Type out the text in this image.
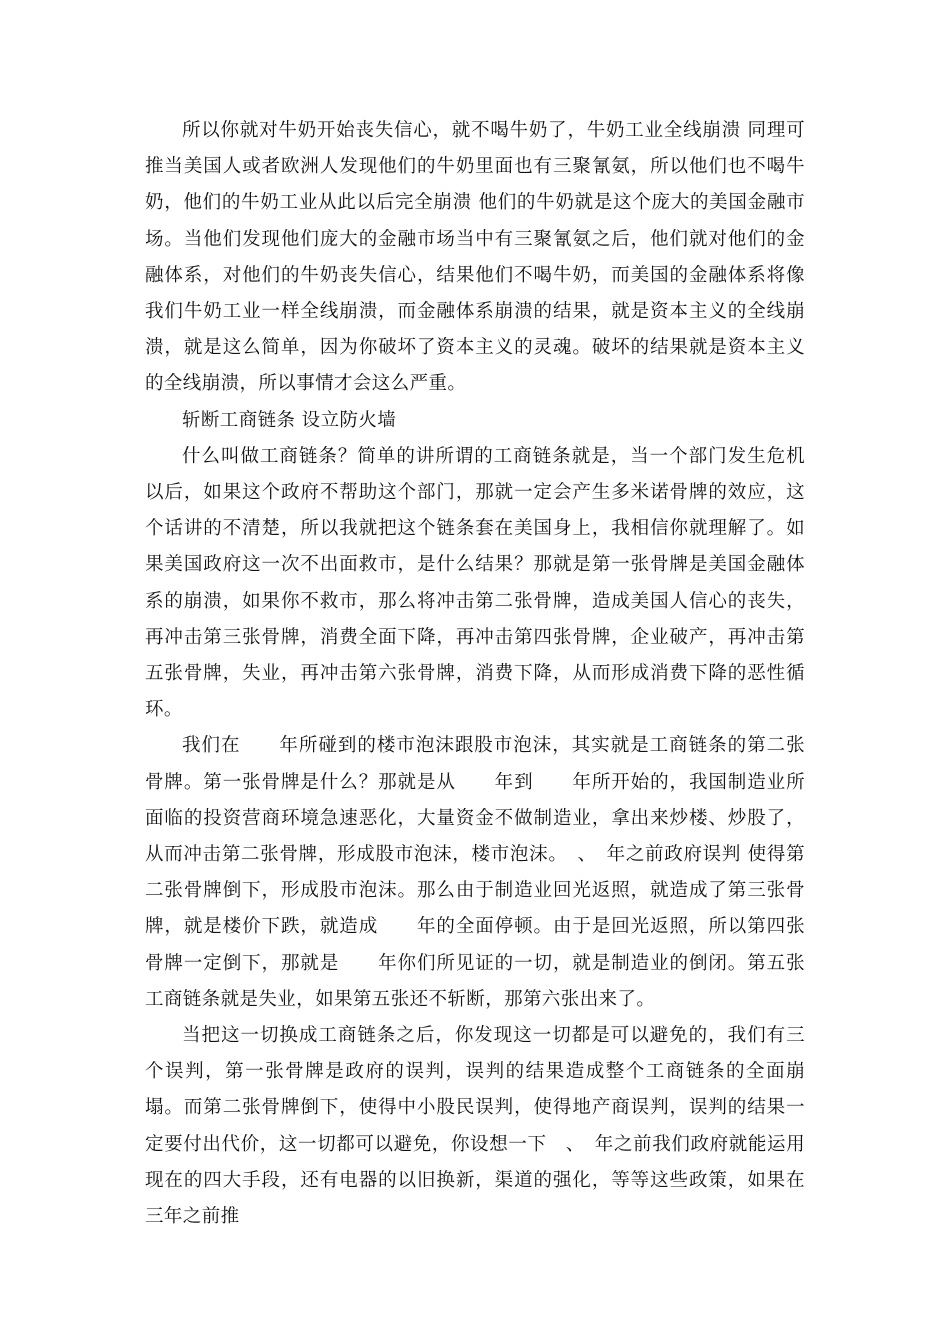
所以你就对牛奶开始丧失信心，就不喝牛奶了，牛奶工业全线崩溃 同理可推当美国人或者欧洲人发现他们的牛奶里面也有三聚氰氨，所以他们也不喝牛奶，他们的牛奶工业从此以后完全崩溃 他们的牛奶就是这个庞大的美国金融市场。当他们发现他们庞大的金融市场当中有三聚氰氨之后，他们就对他们的金融体系，对他们的牛奶丧失信心，结果他们不喝牛奶，而美国的金融体系将像我们牛奶工业一样全线崩溃，而金融体系崩溃的结果，就是资本主义的全线崩溃，就是这么简单，因为你破坏了资本主义的灵魂。破坏的结果就是资本主义的全线崩溃，所以事情才会这么严重。

斩断工商链条 设立防火墙

什么叫做工商链条？简单的讲所谓的工商链条就是，当一个部门发生危机以后，如果这个政府不帮助这个部门，那就一定会产生多米诺骨牌的效应，这个话讲的不清楚，所以我就把这个链条套在美国身上，我相信你就理解了。如果美国政府这一次不出面救市，是什么结果？那就是第一张骨牌是美国金融体系的崩溃，如果你不救市，那么将冲击第二张骨牌，造成美国人信心的丧失，再冲击第三张骨牌，消费全面下降，再冲击第四张骨牌，企业破产，再冲击第五张骨牌，失业，再冲击第六张骨牌，消费下降，从而形成消费下降的恶性循环。

我们在　　年所碰到的楼市泡沫跟股市泡沫，其实就是工商链条的第二张骨牌。第一张骨牌是什么？那就是从　　年到　　年所开始的，我国制造业所面临的投资营商环境急速恶化，大量资金不做制造业，拿出来炒楼、炒股了，从而冲击第二张骨牌，形成股市泡沫，楼市泡沫。　、　年之前政府误判 使得第二张骨牌倒下，形成股市泡沫。那么由于制造业回光返照，就造成了第三张骨牌，就是楼价下跌，就造成　　年的全面停顿。由于是回光返照，所以第四张骨牌一定倒下，那就是　　年你们所见证的一切，就是制造业的倒闭。第五张工商链条就是失业，如果第五张还不斩断，那第六张出来了。

当把这一切换成工商链条之后，你发现这一切都是可以避免的，我们有三个误判，第一张骨牌是政府的误判，误判的结果造成整个工商链条的全面崩塌。而第二张骨牌倒下，使得中小股民误判，使得地产商误判，误判的结果一定要付出代价，这一切都可以避免，你设想一下　、　年之前我们政府就能运用现在的四大手段，还有电器的以旧换新，渠道的强化，等等这些政策，如果在三年之前推
